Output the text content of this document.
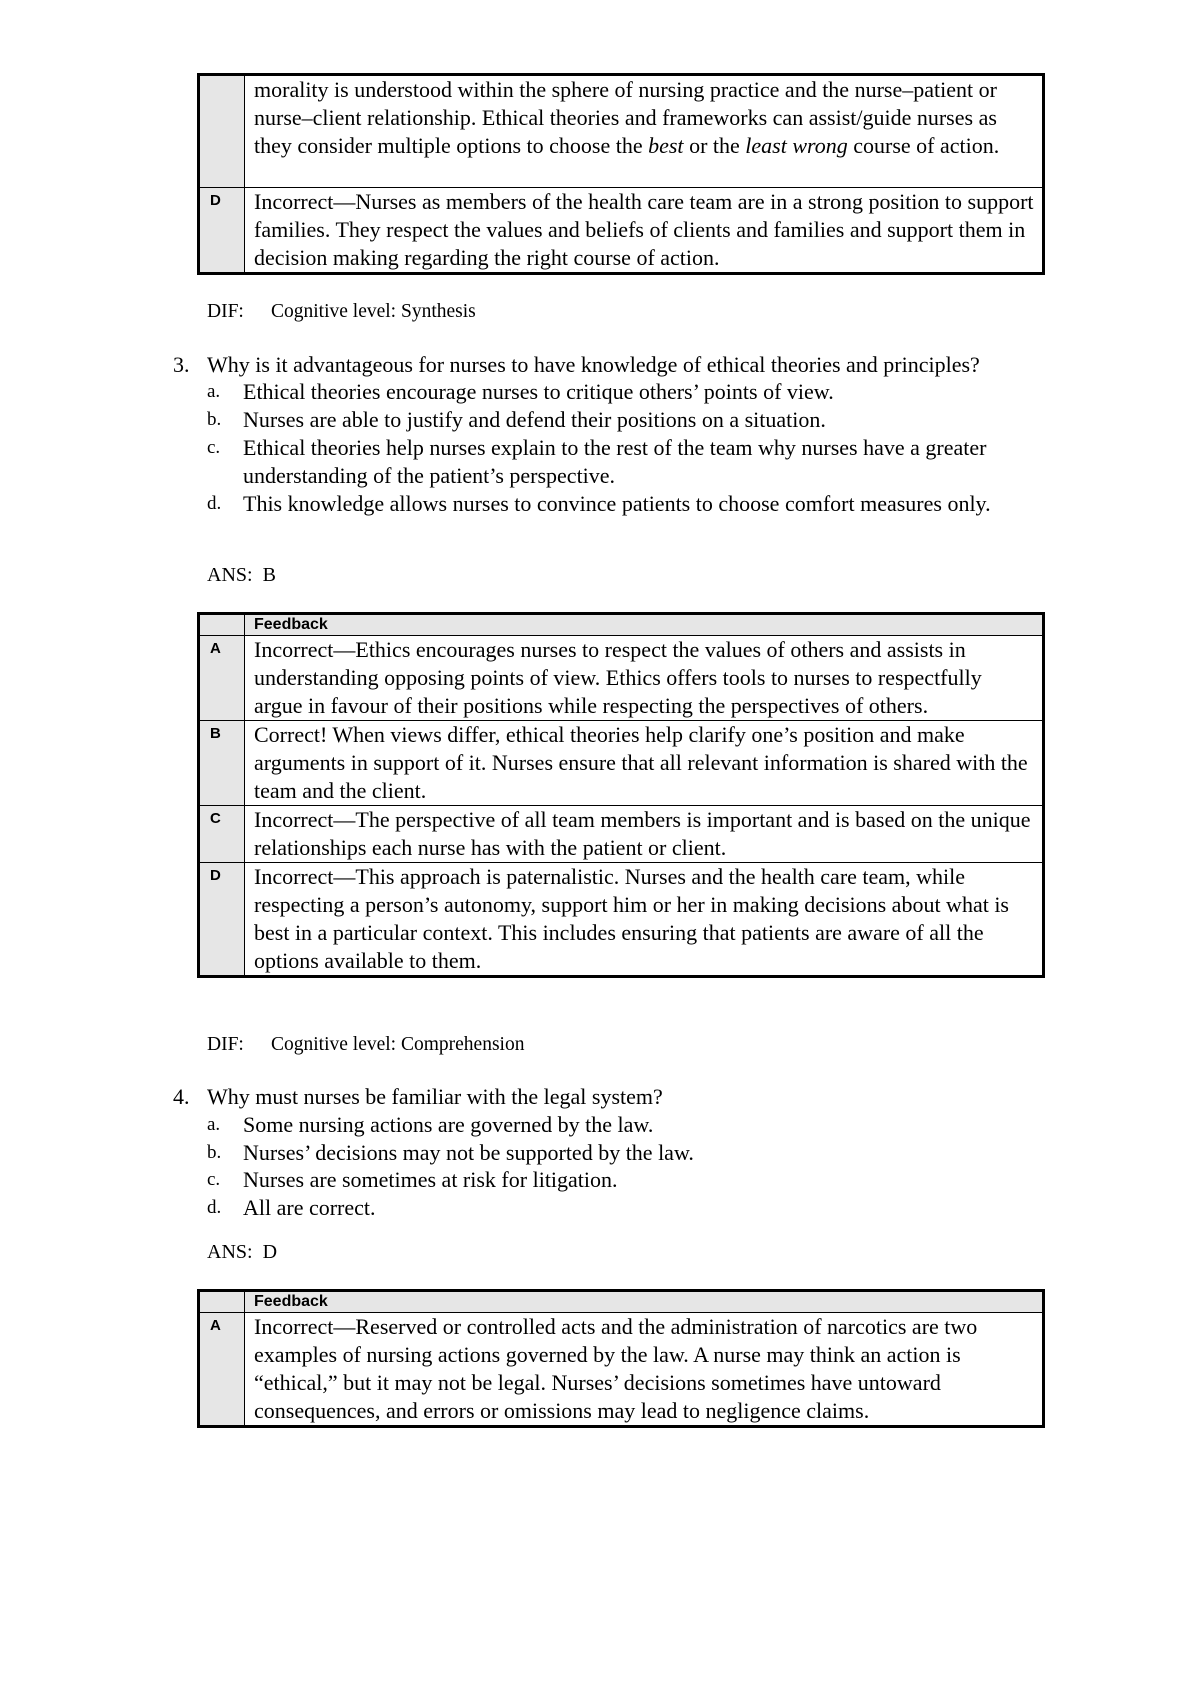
	morality is understood within the sphere of nursing practice and the nurse–patient or nurse–client relationship. Ethical theories and frameworks can assist/guide nurses as they consider multiple options to choose the best or the least wrong course of action.
D	Incorrect—Nurses as members of the health care team are in a strong position to support families. They respect the values and beliefs of clients and families and support them in decision making regarding the right course of action.
DIF: Cognitive level: Synthesis
3. Why is it advantageous for nurses to have knowledge of ethical theories and principles?
a. Ethical theories encourage nurses to critique others’ points of view.
b. Nurses are able to justify and defend their positions on a situation.
c. Ethical theories help nurses explain to the rest of the team why nurses have a greater understanding of the patient’s perspective.
d. This knowledge allows nurses to convince patients to choose comfort measures only.
ANS: B
	Feedback
A	Incorrect—Ethics encourages nurses to respect the values of others and assists in understanding opposing points of view. Ethics offers tools to nurses to respectfully argue in favour of their positions while respecting the perspectives of others.
B	Correct! When views differ, ethical theories help clarify one’s position and make arguments in support of it. Nurses ensure that all relevant information is shared with the team and the client.
C	Incorrect—The perspective of all team members is important and is based on the unique relationships each nurse has with the patient or client.
D	Incorrect—This approach is paternalistic. Nurses and the health care team, while respecting a person’s autonomy, support him or her in making decisions about what is best in a particular context. This includes ensuring that patients are aware of all the options available to them.
DIF: Cognitive level: Comprehension
4. Why must nurses be familiar with the legal system?
a. Some nursing actions are governed by the law.
b. Nurses’ decisions may not be supported by the law.
c. Nurses are sometimes at risk for litigation.
d. All are correct.
ANS: D
	Feedback
A	Incorrect—Reserved or controlled acts and the administration of narcotics are two examples of nursing actions governed by the law. A nurse may think an action is “ethical,” but it may not be legal. Nurses’ decisions sometimes have untoward consequences, and errors or omissions may lead to negligence claims.
